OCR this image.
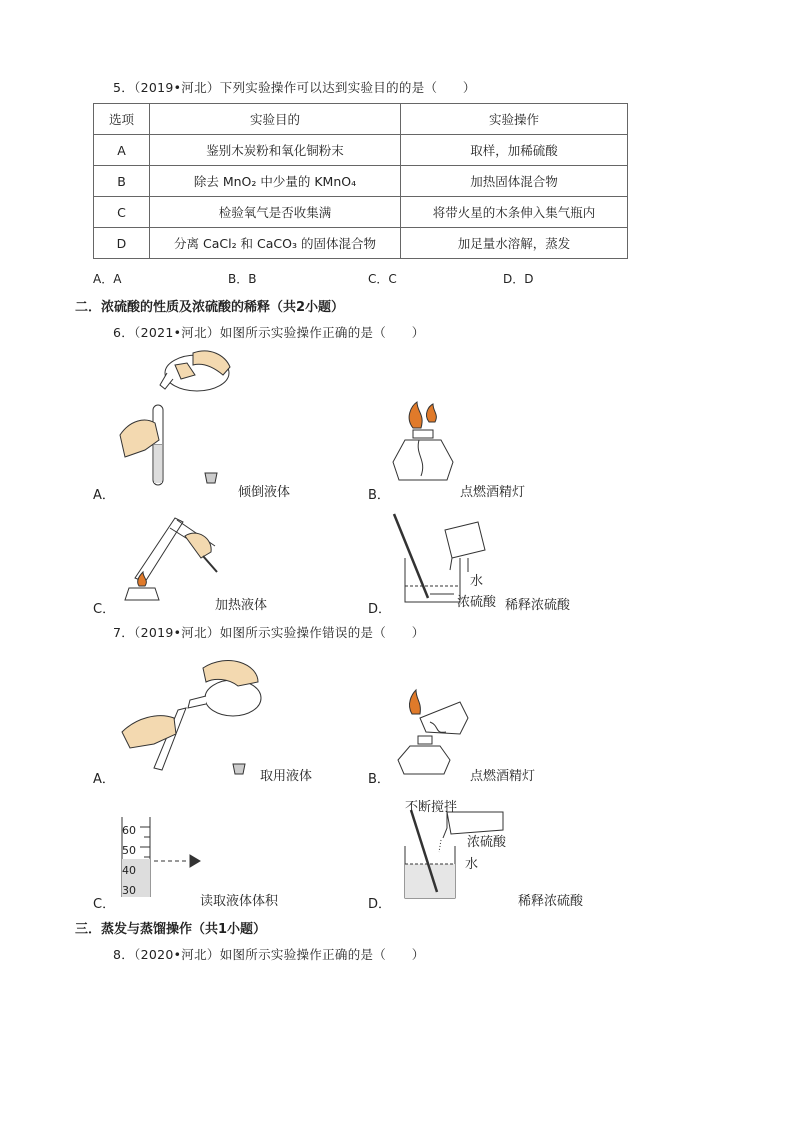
5．（2019•河北）下列实验操作可以达到实验目的的是（　　）
选项	实验目的	实验操作
A	鉴别木炭粉和氧化铜粉末	取样，加稀硫酸
B	除去 MnO₂ 中少量的 KMnO₄	加热固体混合物
C	检验氧气是否收集满	将带火星的木条伸入集气瓶内
D	分离 CaCl₂ 和 CaCO₃ 的固体混合物	加足量水溶解，蒸发
A．A	B．B	C．C	D．D
二．浓硫酸的性质及浓硫酸的稀释（共2小题）
6．（2021•河北）如图所示实验操作正确的是（　　）
A．	倾倒液体	B．	点燃酒精灯
C．	加热液体
水
浓硫酸
D．	稀释浓硫酸
7．（2019•河北）如图所示实验操作错误的是（　　）
A．	取用液体	B．	点燃酒精灯
60
50
40
30
C．	读取液体体积
不断搅拌
浓硫酸
水
D．	稀释浓硫酸
三．蒸发与蒸馏操作（共1小题）
8．（2020•河北）如图所示实验操作正确的是（　　）
